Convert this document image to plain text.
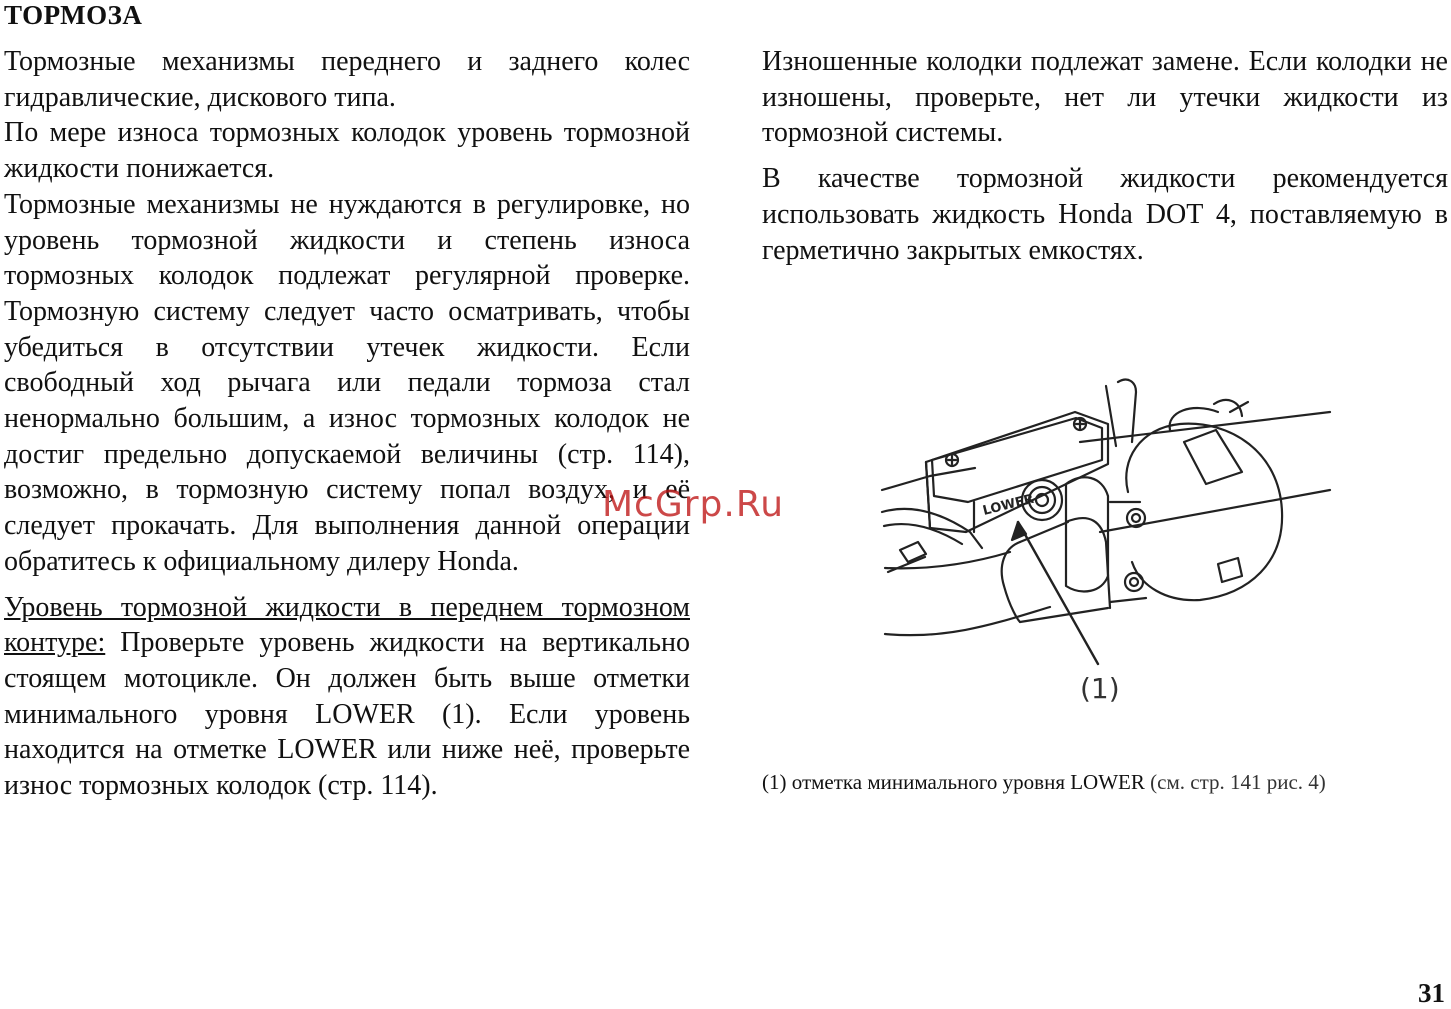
ТОРМОЗА

Тормозные механизмы переднего и заднего колес гидравлические, дискового типа.

По мере износа тормозных колодок уровень тормозной жидкости понижается.

Тормозные механизмы не нуждаются в регулировке, но уровень тормозной жидкости и степень износа тормозных колодок подлежат регулярной проверке. Тормозную систему следует часто осматривать, чтобы убедиться в отсутствии утечек жидкости. Если свободный ход рычага или педали тормоза стал ненормально большим, а износ тормозных колодок не достиг предельно допускаемой величины (стр. 114), возможно, в тормозную систему попал воздух, и её следует прокачать. Для выполнения данной операции обратитесь к официальному дилеру Honda.

Уровень тормозной жидкости в переднем тормозном контуре: Проверьте уровень жидкости на вертикально стоящем мотоцикле. Он должен быть выше отметки минимального уровня LOWER (1). Если уровень находится на отметке LOWER или ниже неё, проверьте износ тормозных колодок (стр. 114).

Изношенные колодки подлежат замене. Если колодки не изношены, проверьте, нет ли утечки жидкости из тормозной системы.

В качестве тормозной жидкости рекомендуется использовать жидкость Honda DOT 4, поставляемую в герметично закрытых емкостях.

LOWER
(1)
(1) отметка минимального уровня LOWER (см. стр. 141 рис. 4)
McGrp.Ru
31
